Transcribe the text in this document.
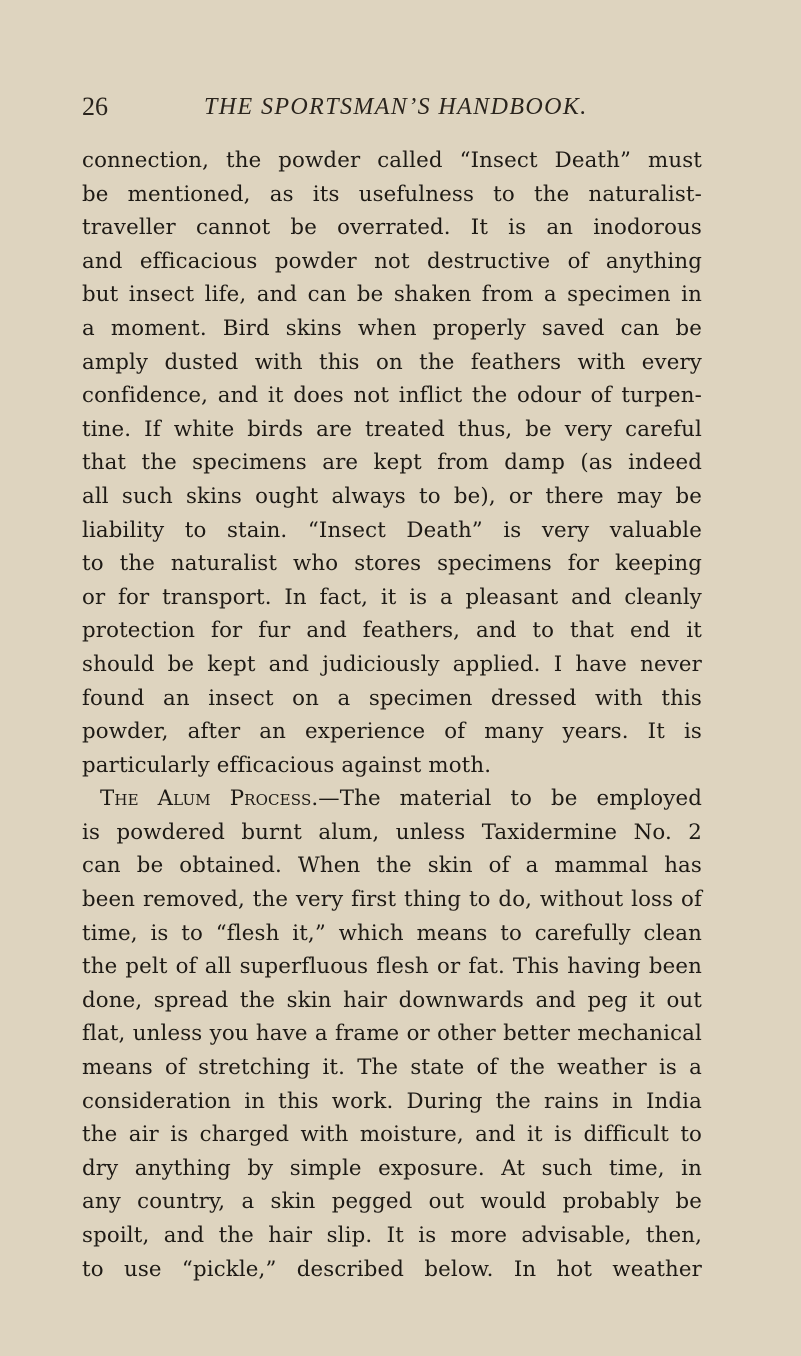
26	THE SPORTSMAN’S HANDBOOK.
connection, the powder called “Insect Death” must
be mentioned, as its usefulness to the naturalist-
traveller cannot be overrated. It is an inodorous
and efficacious powder not destructive of anything
but insect life, and can be shaken from a specimen in
a moment. Bird skins when properly saved can be
amply dusted with this on the feathers with every
confidence, and it does not inflict the odour of turpen-
tine. If white birds are treated thus, be very careful
that the specimens are kept from damp (as indeed
all such skins ought always to be), or there may be
liability to stain. “Insect Death” is very valuable
to the naturalist who stores specimens for keeping
or for transport. In fact, it is a pleasant and cleanly
protection for fur and feathers, and to that end it
should be kept and judiciously applied. I have never
found an insect on a specimen dressed with this
powder, after an experience of many years. It is
particularly efficacious against moth.
The Alum Process.—The material to be employed
is powdered burnt alum, unless Taxidermine No. 2
can be obtained. When the skin of a mammal has
been removed, the very first thing to do, without loss of
time, is to “flesh it,” which means to carefully clean
the pelt of all superfluous flesh or fat. This having been
done, spread the skin hair downwards and peg it out
flat, unless you have a frame or other better mechanical
means of stretching it. The state of the weather is a
consideration in this work. During the rains in India
the air is charged with moisture, and it is difficult to
dry anything by simple exposure. At such time, in
any country, a skin pegged out would probably be
spoilt, and the hair slip. It is more advisable, then,
to use “pickle,” described below. In hot weather
